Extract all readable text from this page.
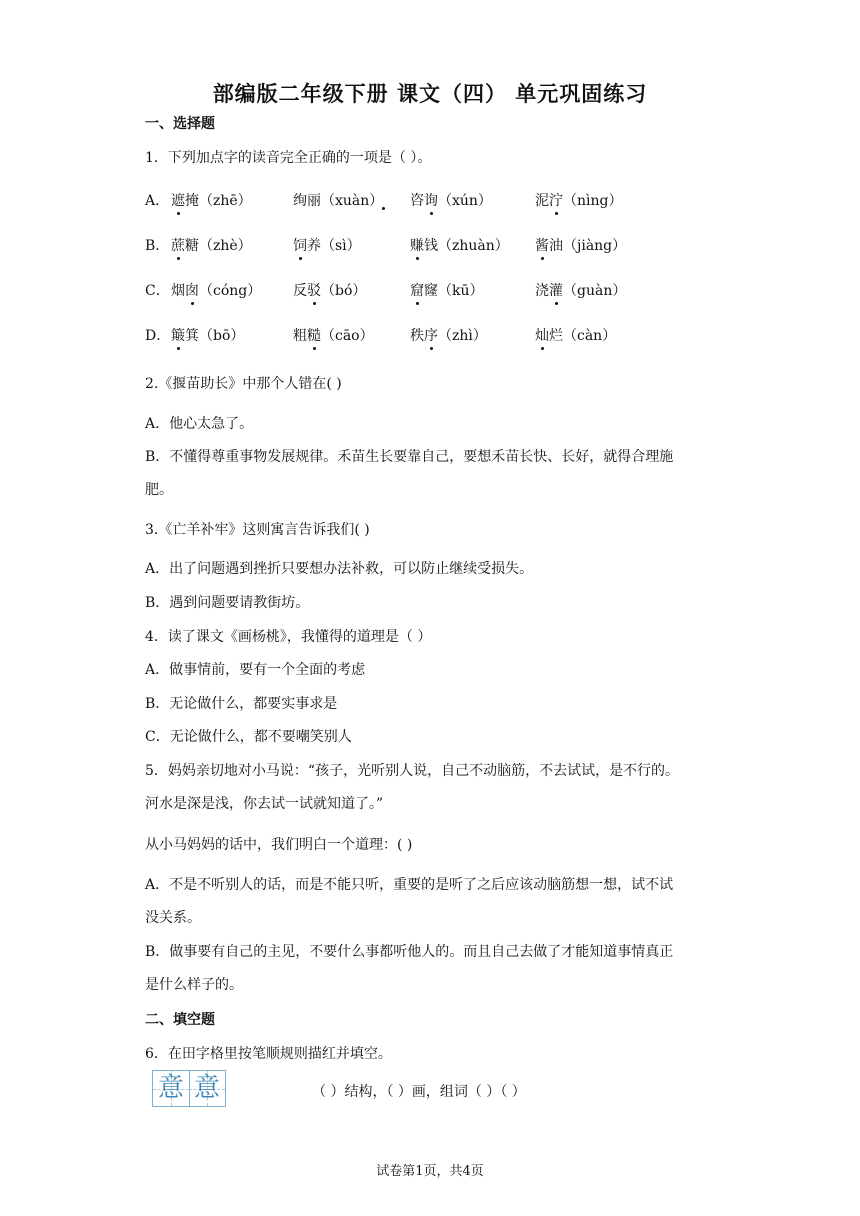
部编版二年级下册 课文（四） 单元巩固练习
一、选择题
1．下列加点字的读音完全正确的一项是（ ）。
A． 遮掩（zhē）	绚丽（xuàn） 咨询（xún）	泥泞（nìng）
B． 蔗糖（zhè）	饲养（sì）	赚钱（zhuàn） 酱油（jiàng）
C． 烟囱（cóng） 反驳（bó）	窟窿（kū）	浇灌（guàn）
D． 簸箕（bō）	粗糙（cāo）	秩序（zhì）	灿烂（càn）
2.《揠苗助长》中那个人错在( )
A．他心太急了。
B．不懂得尊重事物发展规律。禾苗生长要靠自己，要想禾苗长快、长好，就得合理施
肥。
3.《亡羊补牢》这则寓言告诉我们( )
A．出了问题遇到挫折只要想办法补救，可以防止继续受损失。
B．遇到问题要请教街坊。
4．读了课文《画杨桃》，我懂得的道理是（ ）
A．做事情前，要有一个全面的考虑
B．无论做什么，都要实事求是
C．无论做什么，都不要嘲笑别人
5．妈妈亲切地对小马说：“孩子，光听别人说，自己不动脑筋，不去试试，是不行的。
河水是深是浅，你去试一试就知道了。”
从小马妈妈的话中，我们明白一个道理：( )
A．不是不听别人的话，而是不能只听，重要的是听了之后应该动脑筋想一想，试不试
没关系。
B．做事要有自己的主见，不要什么事都听他人的。而且自己去做了才能知道事情真正
是什么样子的。
二、填空题
6．在田字格里按笔顺规则描红并填空。
意 意	（ ）结构，（ ）画，组词（ ）（ ）
试卷第1页，共4页
